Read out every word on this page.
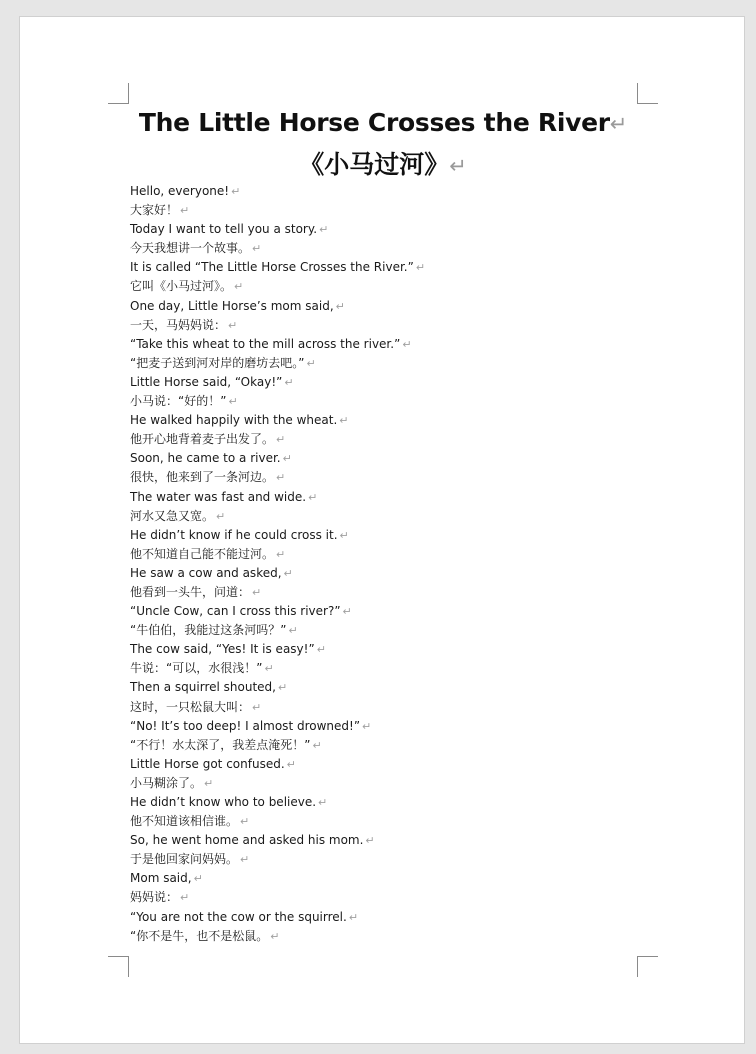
The Little Horse Crosses the River↵
《小马过河》↵
Hello, everyone! ↵
大家好！ ↵
Today I want to tell you a story. ↵
今天我想讲一个故事。 ↵
It is called “The Little Horse Crosses the River.” ↵
它叫《小马过河》。 ↵
One day, Little Horse’s mom said, ↵
一天，马妈妈说： ↵
“Take this wheat to the mill across the river.” ↵
“把麦子送到河对岸的磨坊去吧。” ↵
Little Horse said, “Okay!” ↵
小马说：“好的！” ↵
He walked happily with the wheat. ↵
他开心地背着麦子出发了。 ↵
Soon, he came to a river. ↵
很快，他来到了一条河边。 ↵
The water was fast and wide. ↵
河水又急又宽。 ↵
He didn’t know if he could cross it. ↵
他不知道自己能不能过河。 ↵
He saw a cow and asked, ↵
他看到一头牛，问道： ↵
“Uncle Cow, can I cross this river?” ↵
“牛伯伯，我能过这条河吗？” ↵
The cow said, “Yes! It is easy!” ↵
牛说：“可以，水很浅！” ↵
Then a squirrel shouted, ↵
这时，一只松鼠大叫： ↵
“No! It’s too deep! I almost drowned!” ↵
“不行！水太深了，我差点淹死！” ↵
Little Horse got confused. ↵
小马糊涂了。 ↵
He didn’t know who to believe. ↵
他不知道该相信谁。 ↵
So, he went home and asked his mom. ↵
于是他回家问妈妈。 ↵
Mom said, ↵
妈妈说： ↵
“You are not the cow or the squirrel. ↵
“你不是牛，也不是松鼠。 ↵
